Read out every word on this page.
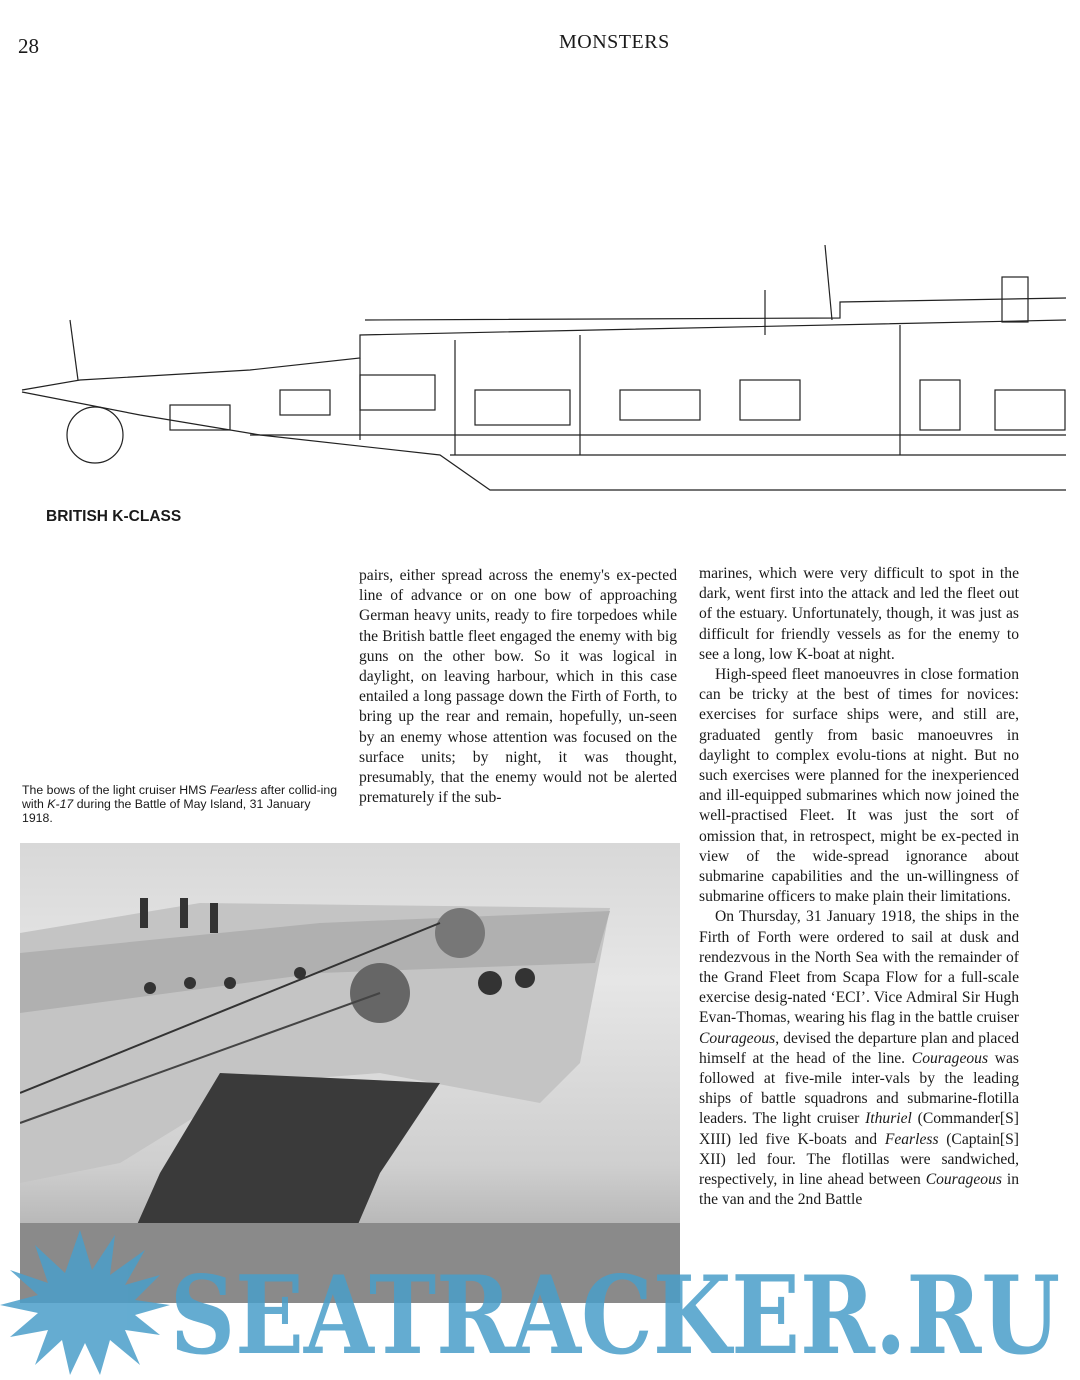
28	MONSTERS
BRITISH K-CLASS
The bows of the light cruiser HMS Fearless after collid-ing with K-17 during the Battle of May Island, 31 January 1918.

pairs, either spread across the enemy's ex-pected line of advance or on one bow of approaching German heavy units, ready to fire torpedoes while the British battle fleet engaged the enemy with big guns on the other bow. So it was logical in daylight, on leaving harbour, which in this case entailed a long passage down the Firth of Forth, to bring up the rear and remain, hopefully, un-seen by an enemy whose attention was focused on the surface units; by night, it was thought, presumably, that the enemy would not be alerted prematurely if the sub-

marines, which were very difficult to spot in the dark, went first into the attack and led the fleet out of the estuary. Unfortunately, though, it was just as difficult for friendly vessels as for the enemy to see a long, low K-boat at night.

High-speed fleet manoeuvres in close formation can be tricky at the best of times for novices: exercises for surface ships were, and still are, graduated gently from basic manoeuvres in daylight to complex evolu-tions at night. But no such exercises were planned for the inexperienced and ill-equipped submarines which now joined the well-practised Fleet. It was just the sort of omission that, in retrospect, might be ex-pected in view of the wide-spread ignorance about submarine capabilities and the un-willingness of submarine officers to make plain their limitations.

On Thursday, 31 January 1918, the ships in the Firth of Forth were ordered to sail at dusk and rendezvous in the North Sea with the remainder of the Grand Fleet from Scapa Flow for a full-scale exercise desig-nated ‘ECI’. Vice Admiral Sir Hugh Evan-Thomas, wearing his flag in the battle cruiser Courageous, devised the departure plan and placed himself at the head of the line. Courageous was followed at five-mile inter-vals by the leading ships of battle squadrons and submarine-flotilla leaders. The light cruiser Ithuriel (Commander[S] XIII) led five K-boats and Fearless (Captain[S] XII) led four. The flotillas were sandwiched, respectively, in line ahead between Courageous in the van and the 2nd Battle

SEATRACKER.RU
